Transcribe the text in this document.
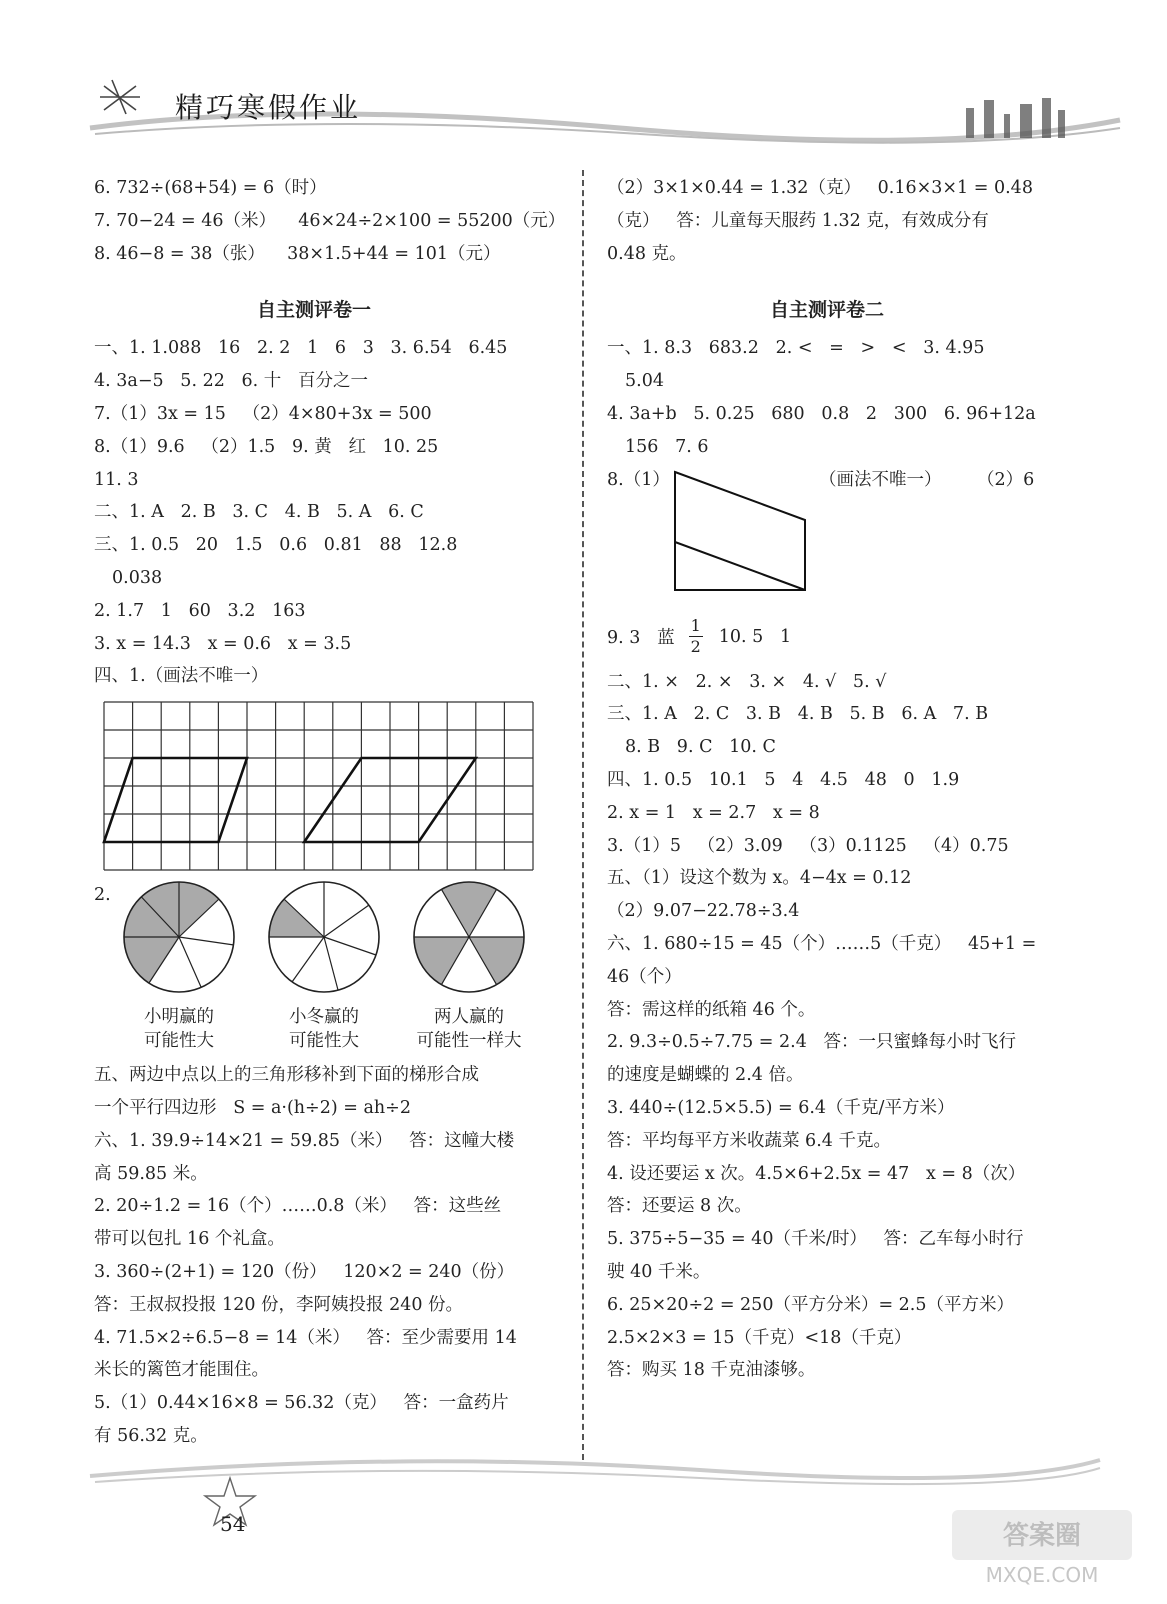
精巧寒假作业
6. 732÷(68+54) = 6（时）
7. 70−24 = 46（米）    46×24÷2×100 = 55200（元）
8. 46−8 = 38（张）    38×1.5+44 = 101（元）
自主测评卷一
一、1. 1.088   16   2. 2   1   6   3   3. 6.54   6.45
4. 3a−5   5. 22   6. 十   百分之一
7.（1）3x = 15   （2）4×80+3x = 500
8.（1）9.6   （2）1.5   9. 黄   红   10. 25
11. 3
二、1. A   2. B   3. C   4. B   5. A   6. C
三、1. 0.5   20   1.5   0.6   0.81   88   12.8
0.038
2. 1.7   1   60   3.2   163
3. x = 14.3   x = 0.6   x = 3.5
四、1.（画法不唯一）
2.
小明赢的
可能性大
小冬赢的
可能性大
两人赢的
可能性一样大
五、两边中点以上的三角形移补到下面的梯形合成
一个平行四边形   S = a·(h÷2) = ah÷2
六、1. 39.9÷14×21 = 59.85（米）   答：这幢大楼
高 59.85 米。
2. 20÷1.2 = 16（个）……0.8（米）   答：这些丝
带可以包扎 16 个礼盒。
3. 360÷(2+1) = 120（份）   120×2 = 240（份）
答：王叔叔投报 120 份，李阿姨投报 240 份。
4. 71.5×2÷6.5−8 = 14（米）   答：至少需要用 14
米长的篱笆才能围住。
5.（1）0.44×16×8 = 56.32（克）   答：一盒药片
有 56.32 克。
（2）3×1×0.44 = 1.32（克）   0.16×3×1 = 0.48
（克）   答：儿童每天服药 1.32 克，有效成分有
0.48 克。
自主测评卷二
一、1. 8.3   683.2   2. <   =   >   <   3. 4.95
5.04
4. 3a+b   5. 0.25   680   0.8   2   300   6. 96+12a
156   7. 6
8.（1）	（画法不唯一） （2）6
9. 3   蓝 $\frac{1}{2} 10$. 5   1
二、1. ×   2. ×   3. ×   4. √   5. √
三、1. A   2. C   3. B   4. B   5. B   6. A   7. B
8. B   9. C   10. C
四、1. 0.5   10.1   5   4   4.5   48   0   1.9
2. x = 1   x = 2.7   x = 8
3.（1）5   （2）3.09   （3）0.1125   （4）0.75
五、（1）设这个数为 x。4−4x = 0.12
（2）9.07−22.78÷3.4
六、1. 680÷15 = 45（个）……5（千克）   45+1 =
46（个）
答：需这样的纸箱 46 个。
2. 9.3÷0.5÷7.75 = 2.4   答：一只蜜蜂每小时飞行
的速度是蝴蝶的 2.4 倍。
3. 440÷(12.5×5.5) = 6.4（千克/平方米）
答：平均每平方米收蔬菜 6.4 千克。
4. 设还要运 x 次。4.5×6+2.5x = 47   x = 8（次）
答：还要运 8 次。
5. 375÷5−35 = 40（千米/时）   答：乙车每小时行
驶 40 千米。
6. 25×20÷2 = 250（平方分米）= 2.5（平方米）
2.5×2×3 = 15（千克）<18（千克）
答：购买 18 千克油漆够。
答案圈
MXQE.COM
54
